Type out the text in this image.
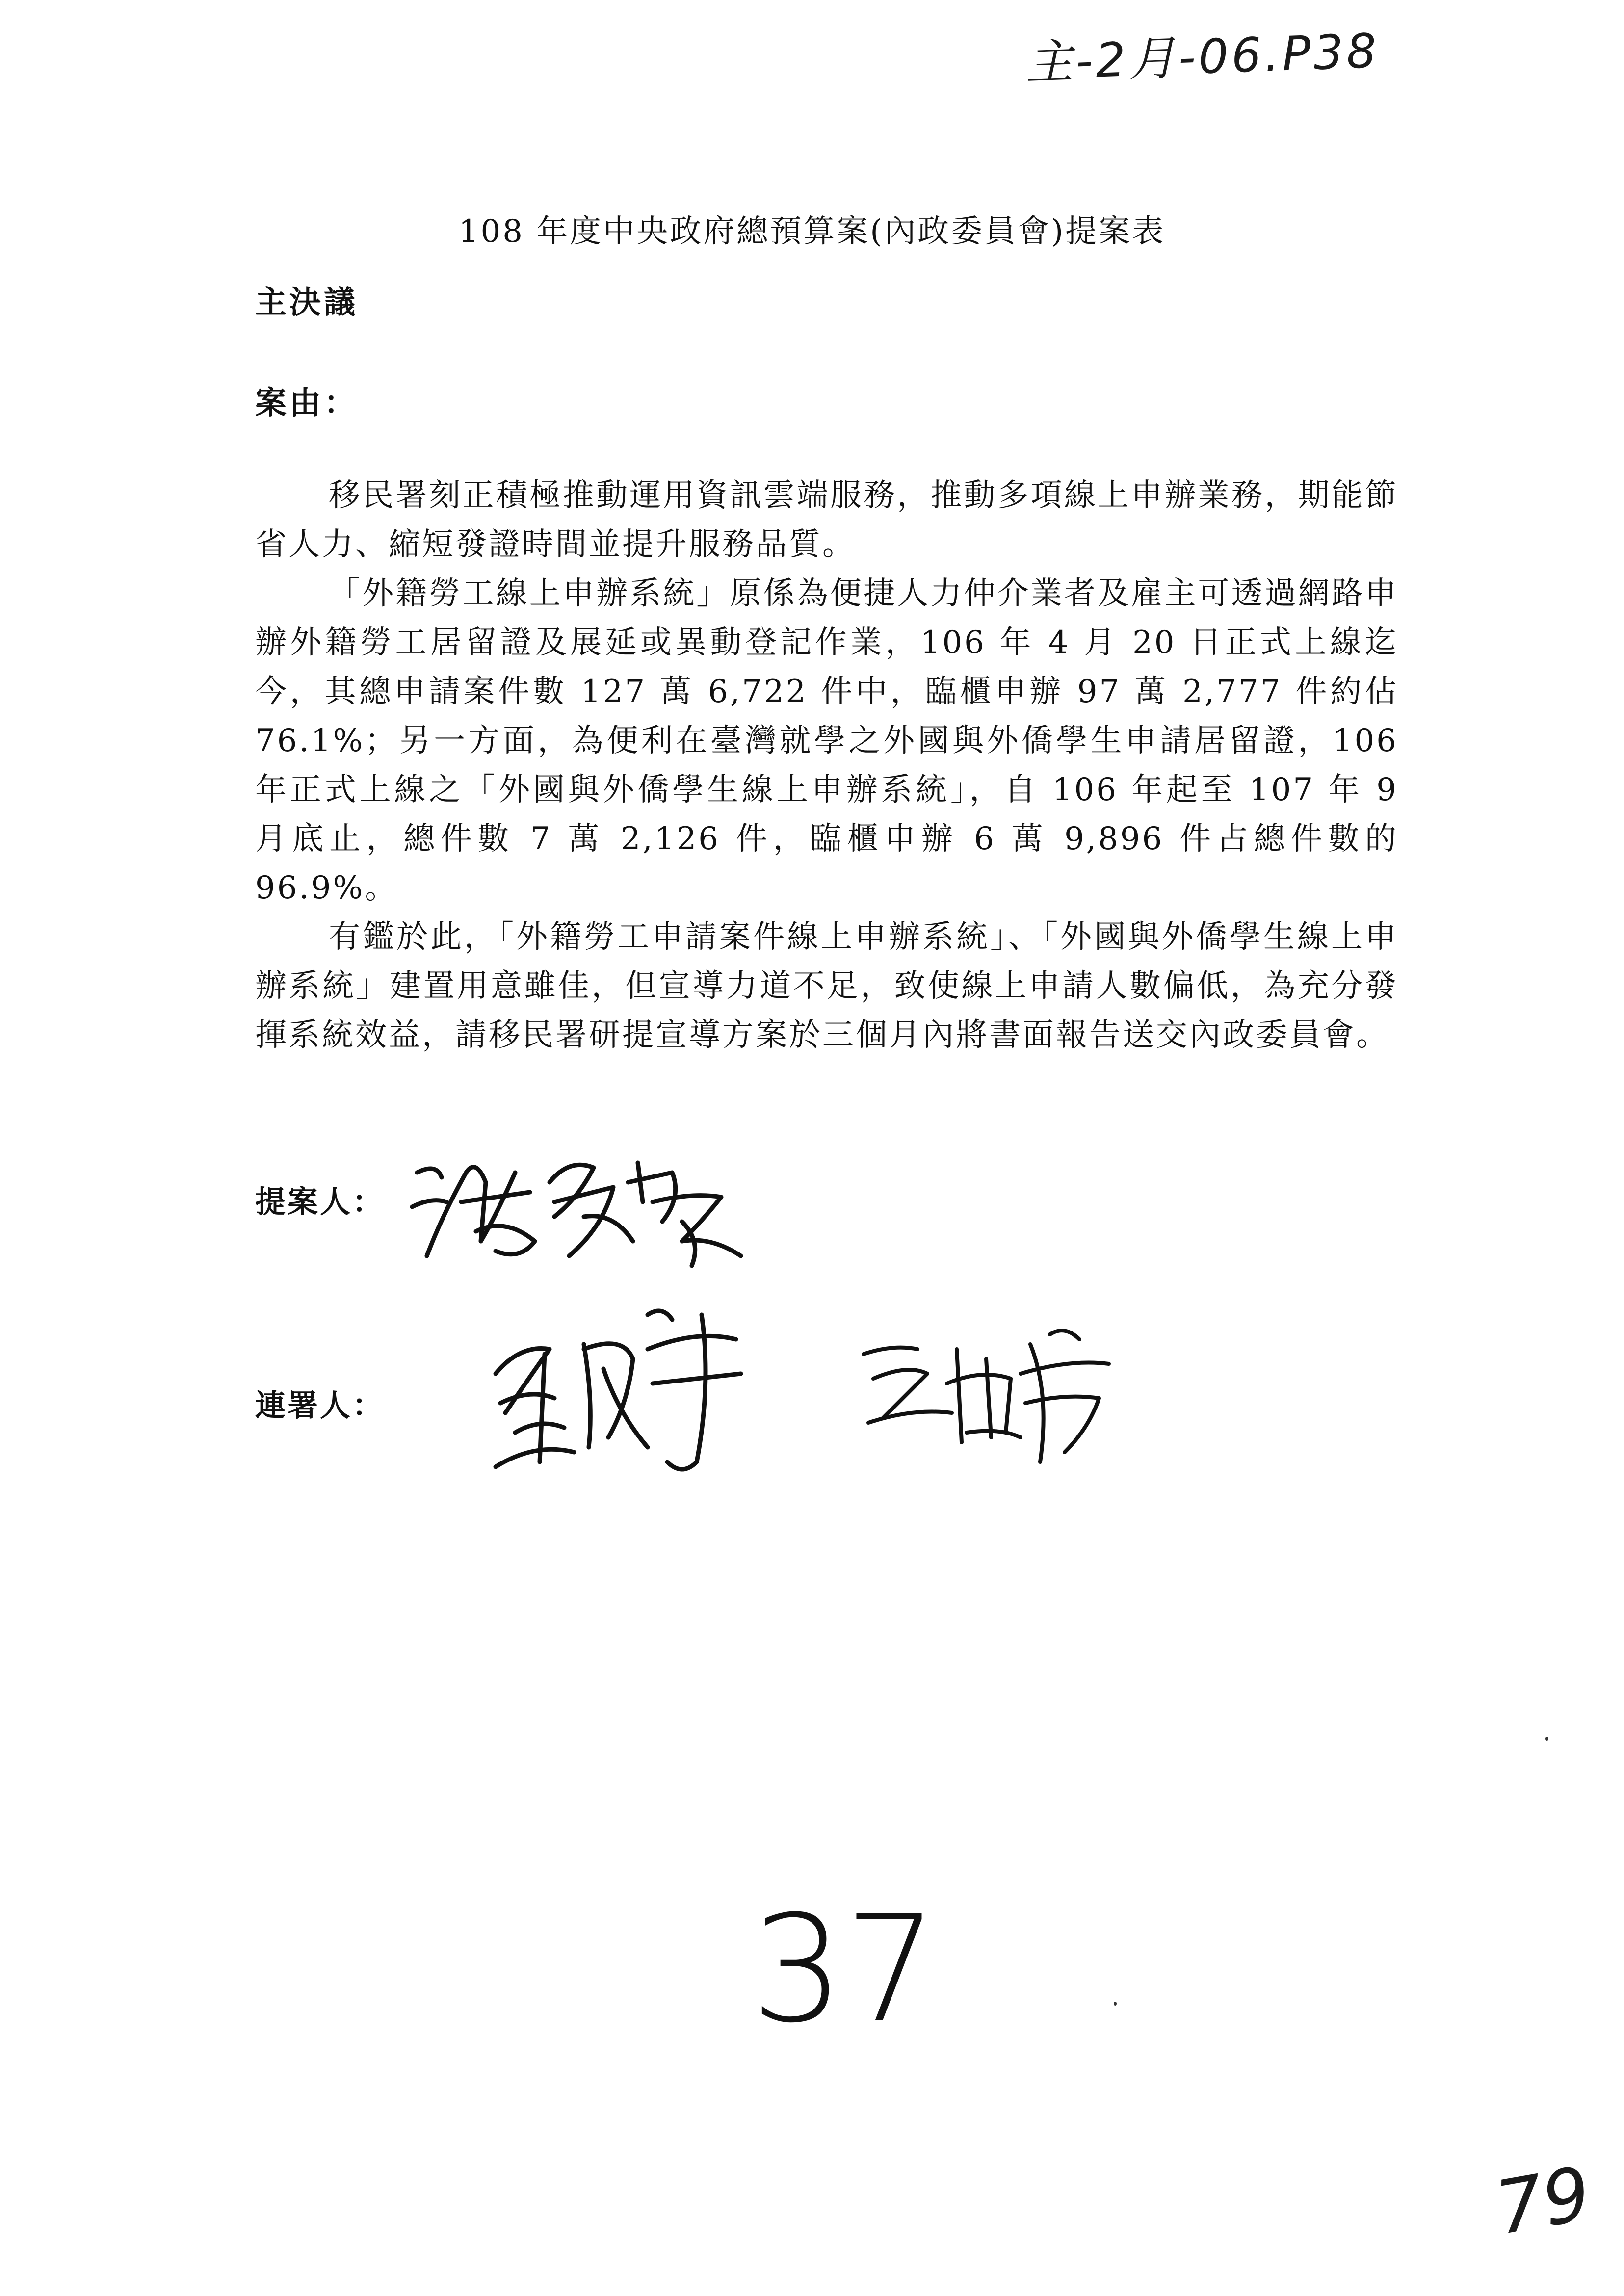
主-2月-06.P38
108 年度中央政府總預算案(內政委員會)提案表
主決議
案由：

移民署刻正積極推動運用資訊雲端服務，推動多項線上申辦業務，期能節省人力、縮短發證時間並提升服務品質。

「外籍勞工線上申辦系統」原係為便捷人力仲介業者及雇主可透過網路申辦外籍勞工居留證及展延或異動登記作業，106 年 4 月 20 日正式上線迄今，其總申請案件數 127 萬 6,722 件中，臨櫃申辦 97 萬 2,777 件約佔 76.1%；另一方面，為便利在臺灣就學之外國與外僑學生申請居留證，106 年正式上線之「外國與外僑學生線上申辦系統」，自 106 年起至 107 年 9 月底止，總件數 7 萬 2,126 件，臨櫃申辦 6 萬 9,896 件占總件數的 96.9%。

有鑑於此，「外籍勞工申請案件線上申辦系統」、「外國與外僑學生線上申辦系統」建置用意雖佳，但宣導力道不足，致使線上申請人數偏低，為充分發揮系統效益，請移民署研提宣導方案於三個月內將書面報告送交內政委員會。

提案人：
連署人：
37
79
